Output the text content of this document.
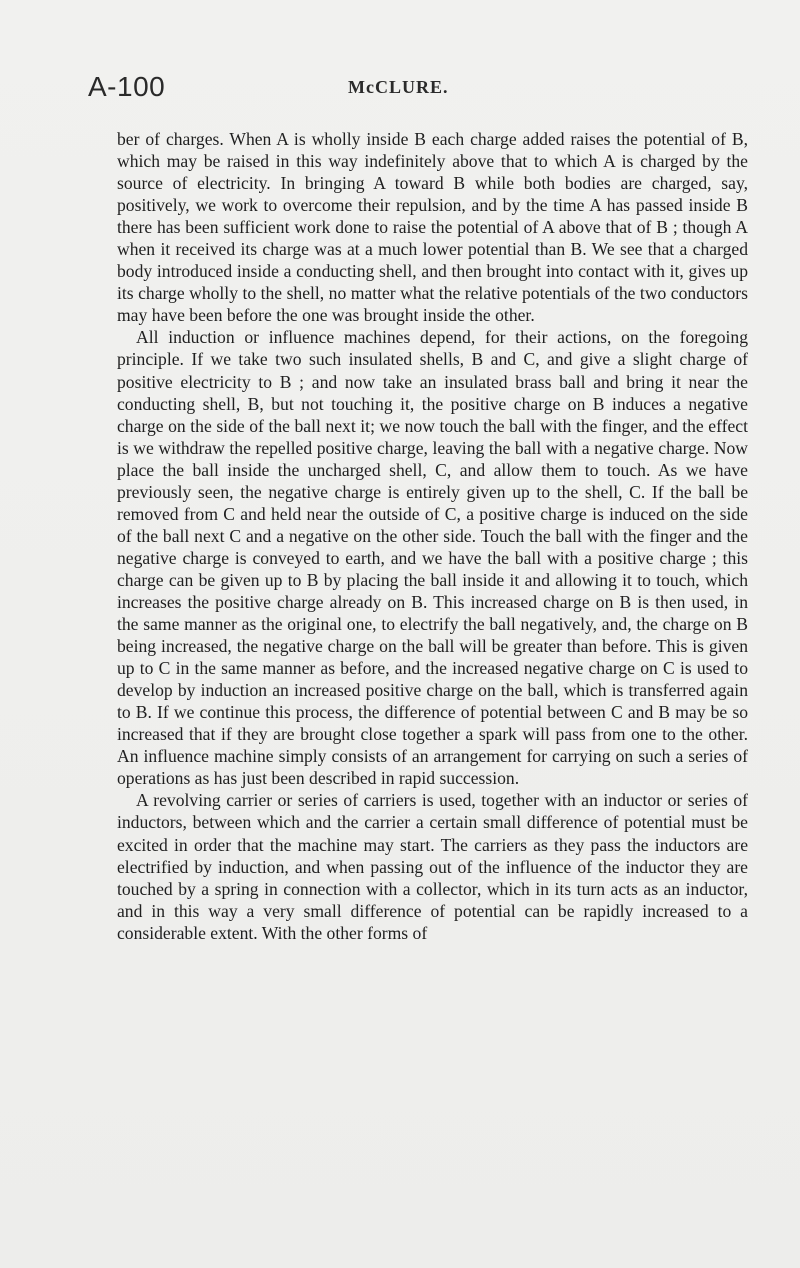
A-100	McCLURE.

ber of charges. When A is wholly inside B each charge added raises the potential of B, which may be raised in this way indefinitely above that to which A is charged by the source of electricity. In bringing A toward B while both bodies are charged, say, positively, we work to overcome their repulsion, and by the time A has passed inside B there has been sufficient work done to raise the potential of A above that of B ; though A when it received its charge was at a much lower potential than B. We see that a charged body introduced inside a conducting shell, and then brought into contact with it, gives up its charge wholly to the shell, no matter what the relative potentials of the two conductors may have been before the one was brought inside the other.

All induction or influence machines depend, for their actions, on the foregoing principle. If we take two such insulated shells, B and C, and give a slight charge of positive electricity to B ; and now take an insulated brass ball and bring it near the conducting shell, B, but not touching it, the positive charge on B induces a negative charge on the side of the ball next it; we now touch the ball with the finger, and the effect is we withdraw the repelled positive charge, leaving the ball with a negative charge. Now place the ball inside the uncharged shell, C, and allow them to touch. As we have previously seen, the negative charge is entirely given up to the shell, C. If the ball be removed from C and held near the outside of C, a positive charge is induced on the side of the ball next C and a negative on the other side. Touch the ball with the finger and the negative charge is conveyed to earth, and we have the ball with a positive charge ; this charge can be given up to B by placing the ball inside it and allowing it to touch, which increases the positive charge already on B. This increased charge on B is then used, in the same manner as the original one, to electrify the ball negatively, and, the charge on B being increased, the negative charge on the ball will be greater than before. This is given up to C in the same manner as before, and the increased negative charge on C is used to develop by induction an increased positive charge on the ball, which is transferred again to B. If we continue this process, the difference of potential between C and B may be so increased that if they are brought close together a spark will pass from one to the other. An influence machine simply consists of an arrangement for carrying on such a series of operations as has just been described in rapid succession.

A revolving carrier or series of carriers is used, together with an inductor or series of inductors, between which and the carrier a certain small difference of potential must be excited in order that the machine may start. The carriers as they pass the inductors are electrified by induction, and when passing out of the influence of the inductor they are touched by a spring in connection with a collector, which in its turn acts as an inductor, and in this way a very small difference of potential can be rapidly increased to a considerable extent. With the other forms of
